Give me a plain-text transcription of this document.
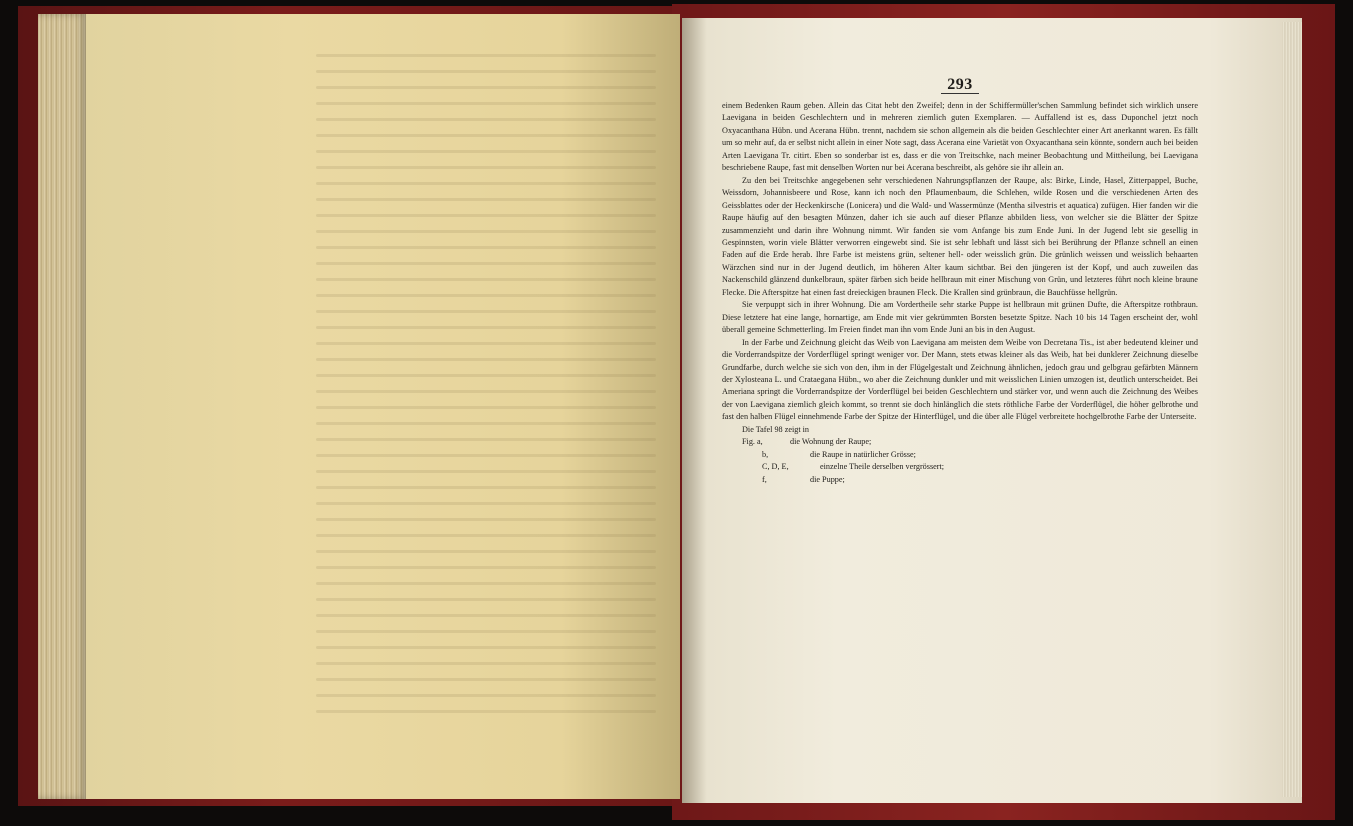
293

einem Bedenken Raum geben. Allein das Citat hebt den Zweifel; denn in der Schiffermüller'schen Sammlung befindet sich wirklich unsere Laevigana in beiden Geschlechtern und in mehreren ziemlich guten Exemplaren. — Auffallend ist es, dass Duponchel jetzt noch Oxyacanthana Hübn. und Acerana Hübn. trennt, nachdem sie schon allgemein als die beiden Geschlechter einer Art anerkannt waren. Es fällt um so mehr auf, da er selbst nicht allein in einer Note sagt, dass Acerana eine Varietät von Oxyacanthana sein könnte, sondern auch bei beiden Arten Laevigana Tr. citirt. Eben so sonderbar ist es, dass er die von Treitschke, nach meiner Beobachtung und Mittheilung, bei Laevigana beschriebene Raupe, fast mit denselben Worten nur bei Acerana beschreibt, als gehöre sie ihr allein an.

Zu den bei Treitschke angegebenen sehr verschiedenen Nahrungspflanzen der Raupe, als: Birke, Linde, Hasel, Zitterpappel, Buche, Weissdorn, Johannisbeere und Rose, kann ich noch den Pflaumenbaum, die Schlehen, wilde Rosen und die verschiedenen Arten des Geissblattes oder der Heckenkirsche (Lonicera) und die Wald- und Wassermünze (Mentha silvestris et aquatica) zufügen. Hier fanden wir die Raupe häufig auf den besagten Münzen, daher ich sie auch auf dieser Pflanze abbilden liess, von welcher sie die Blätter der Spitze zusammenzieht und darin ihre Wohnung nimmt. Wir fanden sie vom Anfange bis zum Ende Juni. In der Jugend lebt sie gesellig in Gespinnsten, worin viele Blätter verworren eingewebt sind. Sie ist sehr lebhaft und lässt sich bei Berührung der Pflanze schnell an einen Faden auf die Erde herab. Ihre Farbe ist meistens grün, seltener hell- oder weisslich grün. Die grünlich weissen und weisslich behaarten Wärzchen sind nur in der Jugend deutlich, im höheren Alter kaum sichtbar. Bei den jüngeren ist der Kopf, und auch zuweilen das Nackenschild glänzend dunkelbraun, später färben sich beide hellbraun mit einer Mischung von Grün, und letzteres führt noch kleine braune Flecke. Die Afterspitze hat einen fast dreieckigen braunen Fleck. Die Krallen sind grünbraun, die Bauchfüsse hellgrün.

Sie verpuppt sich in ihrer Wohnung. Die am Vordertheile sehr starke Puppe ist hellbraun mit grünen Dufte, die Afterspitze rothbraun. Diese letztere hat eine lange, hornartige, am Ende mit vier gekrümmten Borsten besetzte Spitze. Nach 10 bis 14 Tagen erscheint der, wohl überall gemeine Schmetterling. Im Freien findet man ihn vom Ende Juni an bis in den August.

In der Farbe und Zeichnung gleicht das Weib von Laevigana am meisten dem Weibe von Decretana Tis., ist aber bedeutend kleiner und die Vorderrandspitze der Vorderflügel springt weniger vor. Der Mann, stets etwas kleiner als das Weib, hat bei dunklerer Zeichnung dieselbe Grundfarbe, durch welche sie sich von den, ihm in der Flügelgestalt und Zeichnung ähnlichen, jedoch grau und gelbgrau gefärbten Männern der Xylosteana L. und Crataegana Hübn., wo aber die Zeichnung dunkler und mit weisslichen Linien umzogen ist, deutlich unterscheidet. Bei Ameriana springt die Vorderrandspitze der Vorderflügel bei beiden Geschlechtern und stärker vor, und wenn auch die Zeichnung des Weibes der von Laevigana ziemlich gleich kommt, so trennt sie doch hinlänglich die stets röthliche Farbe der Vorderflügel, die höher gelbrothe und fast den halben Flügel einnehmende Farbe der Spitze der Hinterflügel, und die über alle Flügel verbreitete hochgelbrothe Farbe der Unterseite.

Die Tafel 98 zeigt in
Fig. a,	die Wohnung der Raupe;
b,	die Raupe in natürlicher Grösse;
C, D, E,	einzelne Theile derselben vergrössert;
f,	die Puppe;
